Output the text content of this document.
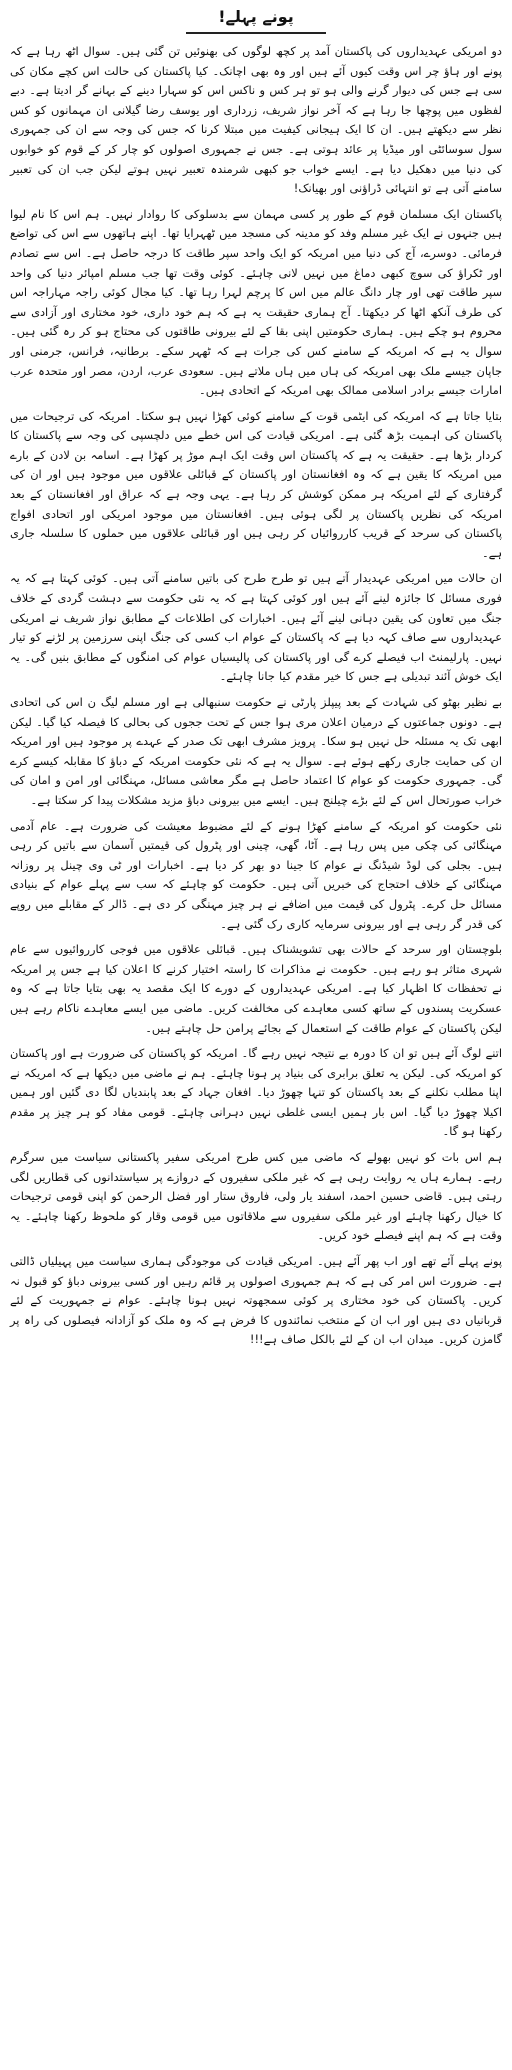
پونے پہلے!

دو امریکی عہدیداروں کی پاکستان آمد پر کچھ لوگوں کی بھنوئیں تن گئی ہیں۔ سوال اٹھ رہا ہے کہ پونے اور ہاؤ چر اس وقت کیوں آئے ہیں اور وہ بھی اچانک۔ کیا پاکستان کی حالت اس کچے مکان کی سی ہے جس کی دیوار گرنے والی ہو تو ہر کس و ناکس اس کو سہارا دینے کے بہانے گر ادیتا ہے۔ دبے لفظوں میں پوچھا جا رہا ہے کہ آخر نواز شریف، زرداری اور یوسف رضا گیلانی ان مہمانوں کو کس نظر سے دیکھتے ہیں۔ ان کا ایک ہیجانی کیفیت میں مبتلا کرنا کہ جس کی وجہ سے ان کی جمہوری سول سوسائٹی اور میڈیا پر عائد ہوتی ہے۔ جس نے جمہوری اصولوں کو چار کر کے قوم کو خوابوں کی دنیا میں دھکیل دیا ہے۔ ایسے خواب جو کبھی شرمندہ تعبیر نہیں ہوتے لیکن جب ان کی تعبیر سامنے آتی ہے تو انتہائی ڈراؤنی اور بھیانک!

پاکستان ایک مسلمان قوم کے طور پر کسی مہمان سے بدسلوکی کا روادار نہیں۔ ہم اس کا نام لیوا ہیں جنہوں نے ایک غیر مسلم وفد کو مدینہ کی مسجد میں ٹھہرایا تھا۔ اپنے ہاتھوں سے اس کی تواضع فرمائی۔ دوسرے، آج کی دنیا میں امریکہ کو ایک واحد سپر طاقت کا درجہ حاصل ہے۔ اس سے تصادم اور ٹکراؤ کی سوچ کبھی دماغ میں نہیں لانی چاہئے۔ کوئی وقت تھا جب مسلم امپائر دنیا کی واحد سپر طاقت تھی اور چار دانگ عالم میں اس کا پرچم لہرا رہا تھا۔ کیا مجال کوئی راجہ مہاراجہ اس کی طرف آنکھ اٹھا کر دیکھتا۔ آج ہماری حقیقت یہ ہے کہ ہم خود داری، خود مختاری اور آزادی سے محروم ہو چکے ہیں۔ ہماری حکومتیں اپنی بقا کے لئے بیرونی طاقتوں کی محتاج ہو کر رہ گئی ہیں۔ سوال یہ ہے کہ امریکہ کے سامنے کس کی جرات ہے کہ ٹھہر سکے۔ برطانیہ، فرانس، جرمنی اور جاپان جیسے ملک بھی امریکہ کی ہاں میں ہاں ملاتے ہیں۔ سعودی عرب، اردن، مصر اور متحدہ عرب امارات جیسے برادر اسلامی ممالک بھی امریکہ کے اتحادی ہیں۔

بتایا جاتا ہے کہ امریکہ کی ایٹمی قوت کے سامنے کوئی کھڑا نہیں ہو سکتا۔ امریکہ کی ترجیحات میں پاکستان کی اہمیت بڑھ گئی ہے۔ امریکی قیادت کی اس خطے میں دلچسپی کی وجہ سے پاکستان کا کردار بڑھا ہے۔ حقیقت یہ ہے کہ پاکستان اس وقت ایک اہم موڑ پر کھڑا ہے۔ اسامہ بن لادن کے بارے میں امریکہ کا یقین ہے کہ وہ افغانستان اور پاکستان کے قبائلی علاقوں میں موجود ہیں اور ان کی گرفتاری کے لئے امریکہ ہر ممکن کوشش کر رہا ہے۔ یہی وجہ ہے کہ عراق اور افغانستان کے بعد امریکہ کی نظریں پاکستان پر لگی ہوئی ہیں۔ افغانستان میں موجود امریکی اور اتحادی افواج پاکستان کی سرحد کے قریب کارروائیاں کر رہی ہیں اور قبائلی علاقوں میں حملوں کا سلسلہ جاری ہے۔

ان حالات میں امریکی عہدیدار آتے ہیں تو طرح طرح کی باتیں سامنے آتی ہیں۔ کوئی کہتا ہے کہ یہ فوری مسائل کا جائزہ لینے آئے ہیں اور کوئی کہتا ہے کہ یہ نئی حکومت سے دہشت گردی کے خلاف جنگ میں تعاون کی یقین دہانی لینے آئے ہیں۔ اخبارات کی اطلاعات کے مطابق نواز شریف نے امریکی عہدیداروں سے صاف کہہ دیا ہے کہ پاکستان کے عوام اب کسی کی جنگ اپنی سرزمین پر لڑنے کو تیار نہیں۔ پارلیمنٹ اب فیصلے کرے گی اور پاکستان کی پالیسیاں عوام کی امنگوں کے مطابق بنیں گی۔ یہ ایک خوش آئند تبدیلی ہے جس کا خیر مقدم کیا جانا چاہئے۔

بے نظیر بھٹو کی شہادت کے بعد پیپلز پارٹی نے حکومت سنبھالی ہے اور مسلم لیگ ن اس کی اتحادی ہے۔ دونوں جماعتوں کے درمیان اعلان مری ہوا جس کے تحت ججوں کی بحالی کا فیصلہ کیا گیا۔ لیکن ابھی تک یہ مسئلہ حل نہیں ہو سکا۔ پرویز مشرف ابھی تک صدر کے عہدے پر موجود ہیں اور امریکہ ان کی حمایت جاری رکھے ہوئے ہے۔ سوال یہ ہے کہ نئی حکومت امریکہ کے دباؤ کا مقابلہ کیسے کرے گی۔ جمہوری حکومت کو عوام کا اعتماد حاصل ہے مگر معاشی مسائل، مہنگائی اور امن و امان کی خراب صورتحال اس کے لئے بڑے چیلنج ہیں۔ ایسے میں بیرونی دباؤ مزید مشکلات پیدا کر سکتا ہے۔

نئی حکومت کو امریکہ کے سامنے کھڑا ہونے کے لئے مضبوط معیشت کی ضرورت ہے۔ عام آدمی مہنگائی کی چکی میں پس رہا ہے۔ آٹا، گھی، چینی اور پٹرول کی قیمتیں آسمان سے باتیں کر رہی ہیں۔ بجلی کی لوڈ شیڈنگ نے عوام کا جینا دو بھر کر دیا ہے۔ اخبارات اور ٹی وی چینل پر روزانہ مہنگائی کے خلاف احتجاج کی خبریں آتی ہیں۔ حکومت کو چاہئے کہ سب سے پہلے عوام کے بنیادی مسائل حل کرے۔ پٹرول کی قیمت میں اضافے نے ہر چیز مہنگی کر دی ہے۔ ڈالر کے مقابلے میں روپے کی قدر گر رہی ہے اور بیرونی سرمایہ کاری رک گئی ہے۔

بلوچستان اور سرحد کے حالات بھی تشویشناک ہیں۔ قبائلی علاقوں میں فوجی کارروائیوں سے عام شہری متاثر ہو رہے ہیں۔ حکومت نے مذاکرات کا راستہ اختیار کرنے کا اعلان کیا ہے جس پر امریکہ نے تحفظات کا اظہار کیا ہے۔ امریکی عہدیداروں کے دورے کا ایک مقصد یہ بھی بتایا جاتا ہے کہ وہ عسکریت پسندوں کے ساتھ کسی معاہدے کی مخالفت کریں۔ ماضی میں ایسے معاہدے ناکام رہے ہیں لیکن پاکستان کے عوام طاقت کے استعمال کے بجائے پرامن حل چاہتے ہیں۔

اتنے لوگ آئے ہیں تو ان کا دورہ بے نتیجہ نہیں رہے گا۔ امریکہ کو پاکستان کی ضرورت ہے اور پاکستان کو امریکہ کی۔ لیکن یہ تعلق برابری کی بنیاد پر ہونا چاہئے۔ ہم نے ماضی میں دیکھا ہے کہ امریکہ نے اپنا مطلب نکلنے کے بعد پاکستان کو تنہا چھوڑ دیا۔ افغان جہاد کے بعد پابندیاں لگا دی گئیں اور ہمیں اکیلا چھوڑ دیا گیا۔ اس بار ہمیں ایسی غلطی نہیں دہرانی چاہئے۔ قومی مفاد کو ہر چیز پر مقدم رکھنا ہو گا۔

ہم اس بات کو نہیں بھولے کہ ماضی میں کس طرح امریکی سفیر پاکستانی سیاست میں سرگرم رہے۔ ہمارے ہاں یہ روایت رہی ہے کہ غیر ملکی سفیروں کے دروازے پر سیاستدانوں کی قطاریں لگی رہتی ہیں۔ قاضی حسین احمد، اسفند یار ولی، فاروق ستار اور فضل الرحمن کو اپنی قومی ترجیحات کا خیال رکھنا چاہئے اور غیر ملکی سفیروں سے ملاقاتوں میں قومی وقار کو ملحوظ رکھنا چاہئے۔ یہ وقت ہے کہ ہم اپنے فیصلے خود کریں۔

پونے پہلے آئے تھے اور اب پھر آئے ہیں۔ امریکی قیادت کی موجودگی ہماری سیاست میں پہیلیاں ڈالتی ہے۔ ضرورت اس امر کی ہے کہ ہم جمہوری اصولوں پر قائم رہیں اور کسی بیرونی دباؤ کو قبول نہ کریں۔ پاکستان کی خود مختاری پر کوئی سمجھوتہ نہیں ہونا چاہئے۔ عوام نے جمہوریت کے لئے قربانیاں دی ہیں اور اب ان کے منتخب نمائندوں کا فرض ہے کہ وہ ملک کو آزادانہ فیصلوں کی راہ پر گامزن کریں۔ میدان اب ان کے لئے بالکل صاف ہے!!!
